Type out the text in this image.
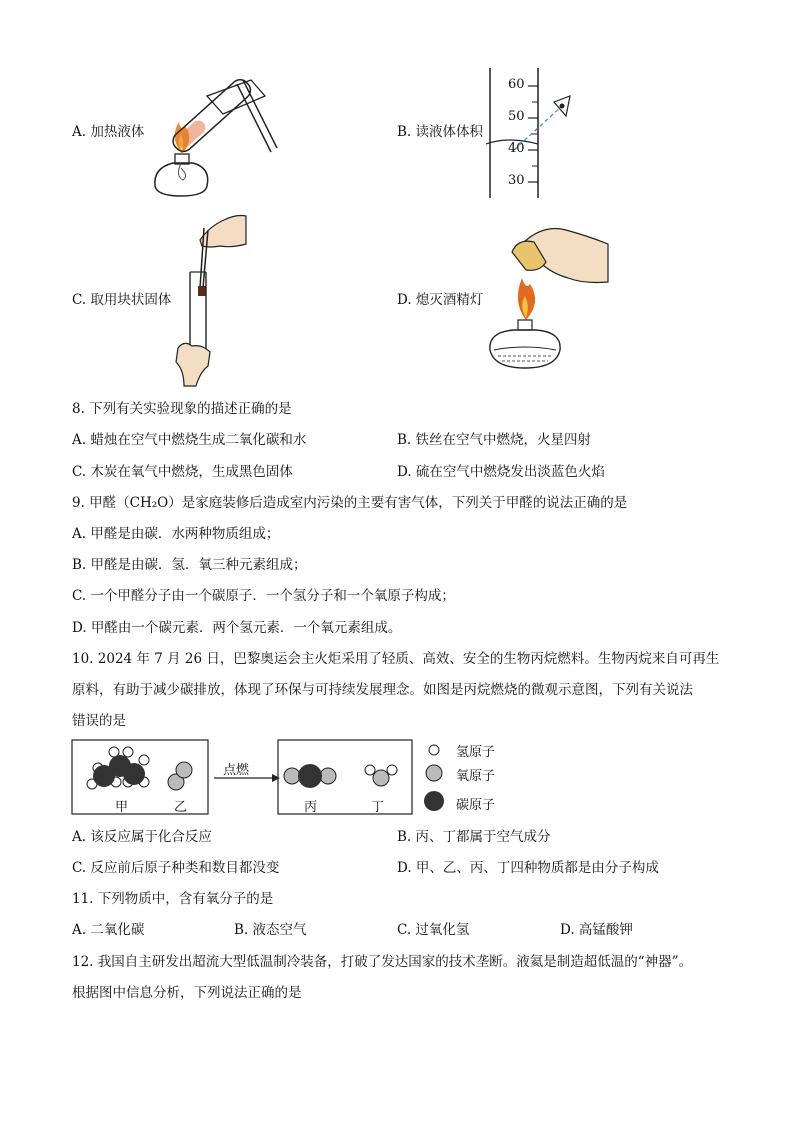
A. 加热液体	B. 读液体体积
60
50
40
30
C. 取用块状固体	D. 熄灭酒精灯
8. 下列有关实验现象的描述正确的是
A. 蜡烛在空气中燃烧生成二氧化碳和水	B. 铁丝在空气中燃烧，火星四射
C. 木炭在氧气中燃烧，生成黑色固体	D. 硫在空气中燃烧发出淡蓝色火焰
9. 甲醛（CH₂O）是家庭装修后造成室内污染的主要有害气体，下列关于甲醛的说法正确的是
A. 甲醛是由碳．水两种物质组成；
B. 甲醛是由碳．氢．氧三种元素组成；
C. 一个甲醛分子由一个碳原子．一个氢分子和一个氧原子构成；
D. 甲醛由一个碳元素．两个氢元素．一个氧元素组成。
10. 2024 年 7 月 26 日，巴黎奥运会主火炬采用了轻质、高效、安全的生物丙烷燃料。生物丙烷来自可再生
原料，有助于减少碳排放，体现了环保与可持续发展理念。如图是丙烷燃烧的微观示意图，下列有关说法
错误的是
点燃
甲	乙	丙	丁
氢原子
氧原子
碳原子
A. 该反应属于化合反应	B. 丙、丁都属于空气成分
C. 反应前后原子种类和数目都没变	D. 甲、乙、丙、丁四种物质都是由分子构成
11. 下列物质中，含有氧分子的是
A. 二氧化碳	B. 液态空气	C. 过氧化氢	D. 高锰酸钾
12. 我国自主研发出超流大型低温制冷装备，打破了发达国家的技术垄断。液氦是制造超低温的“神器”。
根据图中信息分析，下列说法正确的是
